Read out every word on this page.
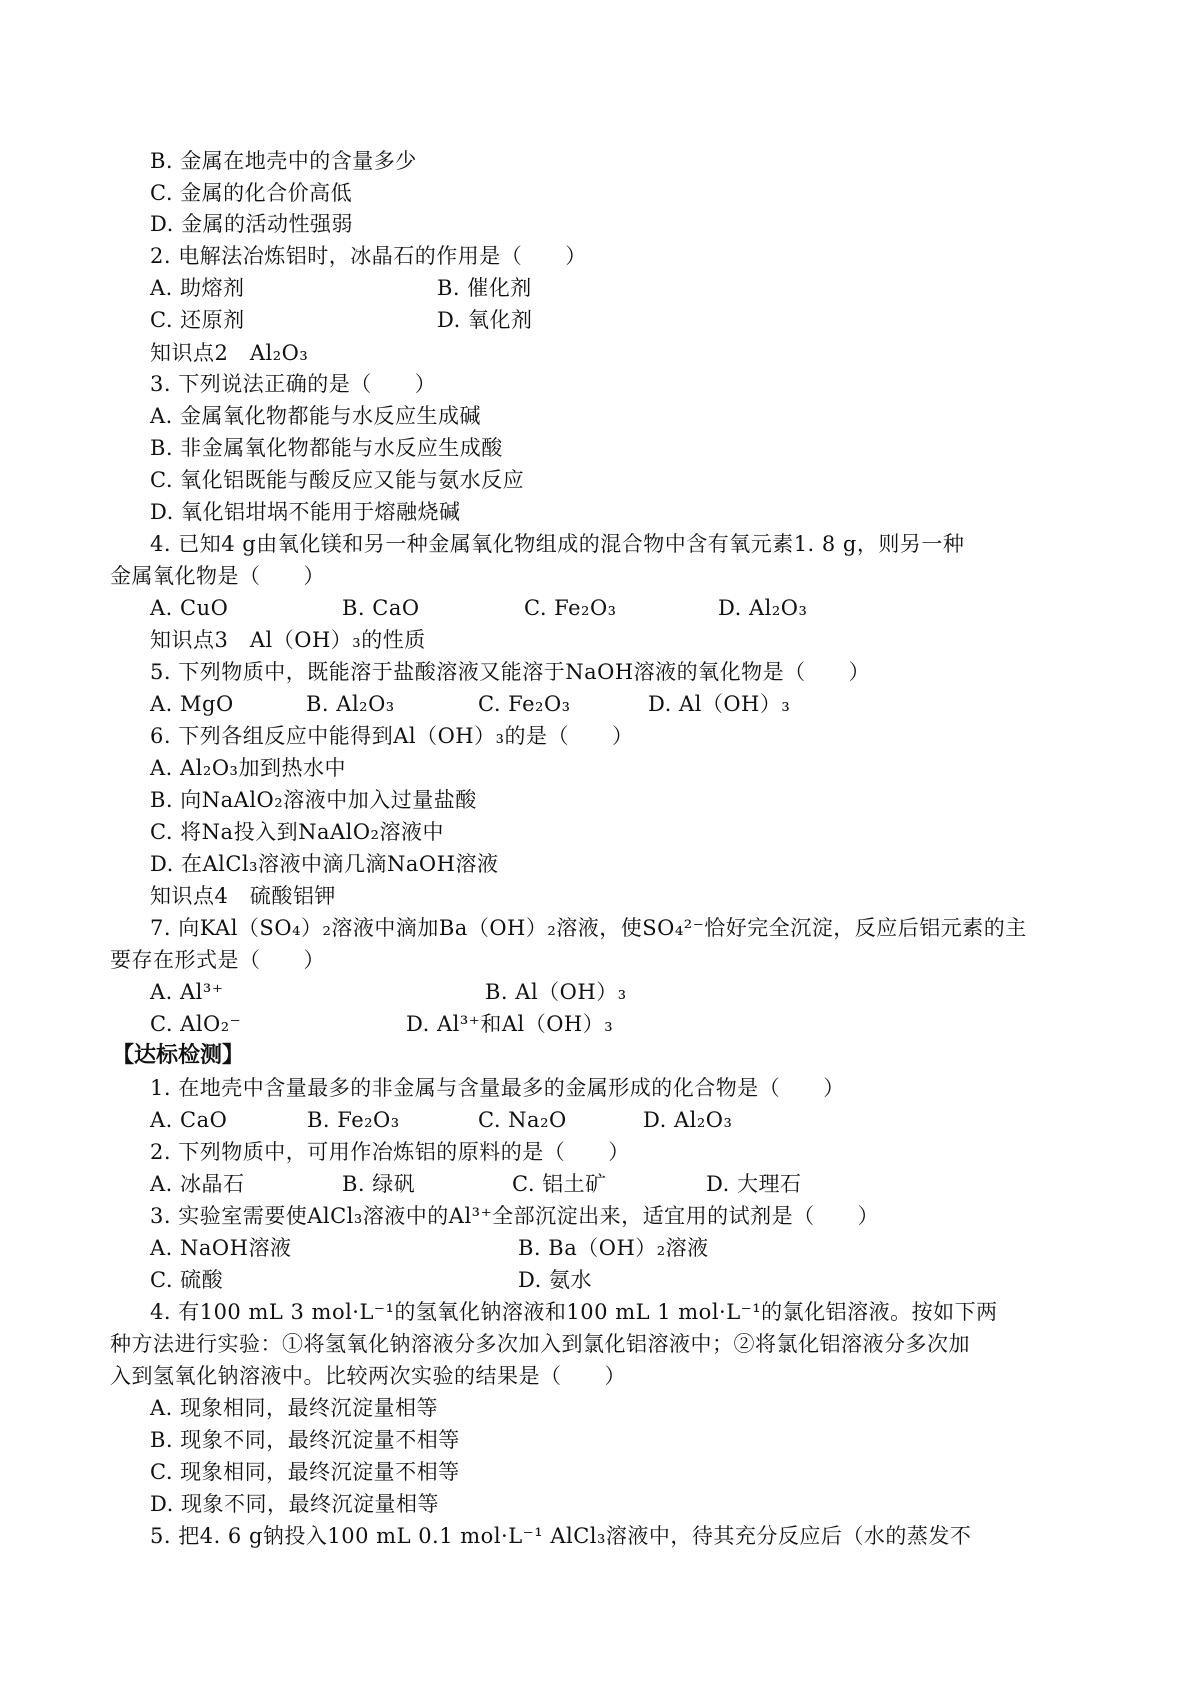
B. 金属在地壳中的含量多少
C. 金属的化合价高低
D. 金属的活动性强弱
2. 电解法冶炼铝时，冰晶石的作用是（　　）
A. 助熔剂	B. 催化剂
C. 还原剂	D. 氧化剂
知识点2　Al₂O₃
3. 下列说法正确的是（　　）
A. 金属氧化物都能与水反应生成碱
B. 非金属氧化物都能与水反应生成酸
C. 氧化铝既能与酸反应又能与氨水反应
D. 氧化铝坩埚不能用于熔融烧碱
4. 已知4 g由氧化镁和另一种金属氧化物组成的混合物中含有氧元素1. 8 g，则另一种
金属氧化物是（　　）
A. CuO	B. CaO	C. Fe₂O₃	D. Al₂O₃
知识点3　Al（OH）₃的性质
5. 下列物质中，既能溶于盐酸溶液又能溶于NaOH溶液的氧化物是（　　）
A. MgO	B. Al₂O₃	C. Fe₂O₃	D. Al（OH）₃
6. 下列各组反应中能得到Al（OH）₃的是（　　）
A. Al₂O₃加到热水中
B. 向NaAlO₂溶液中加入过量盐酸
C. 将Na投入到NaAlO₂溶液中
D. 在AlCl₃溶液中滴几滴NaOH溶液
知识点4　硫酸铝钾
7. 向KAl（SO₄）₂溶液中滴加Ba（OH）₂溶液，使SO₄²⁻恰好完全沉淀，反应后铝元素的主
要存在形式是（　　）
A. Al³⁺	B. Al（OH）₃
C. AlO₂⁻	D. Al³⁺和Al（OH）₃
【达标检测】
1. 在地壳中含量最多的非金属与含量最多的金属形成的化合物是（　　）
A. CaO	B. Fe₂O₃	C. Na₂O	D. Al₂O₃
2. 下列物质中，可用作冶炼铝的原料的是（　　）
A. 冰晶石	B. 绿矾	C. 铝土矿	D. 大理石
3. 实验室需要使AlCl₃溶液中的Al³⁺全部沉淀出来，适宜用的试剂是（　　）
A. NaOH溶液	B. Ba（OH）₂溶液
C. 硫酸	D. 氨水
4. 有100 mL 3 mol·L⁻¹的氢氧化钠溶液和100 mL 1 mol·L⁻¹的氯化铝溶液。按如下两
种方法进行实验：①将氢氧化钠溶液分多次加入到氯化铝溶液中；②将氯化铝溶液分多次加
入到氢氧化钠溶液中。比较两次实验的结果是（　　）
A. 现象相同，最终沉淀量相等
B. 现象不同，最终沉淀量不相等
C. 现象相同，最终沉淀量不相等
D. 现象不同，最终沉淀量相等
5. 把4. 6 g钠投入100 mL 0.1 mol·L⁻¹ AlCl₃溶液中，待其充分反应后（水的蒸发不
